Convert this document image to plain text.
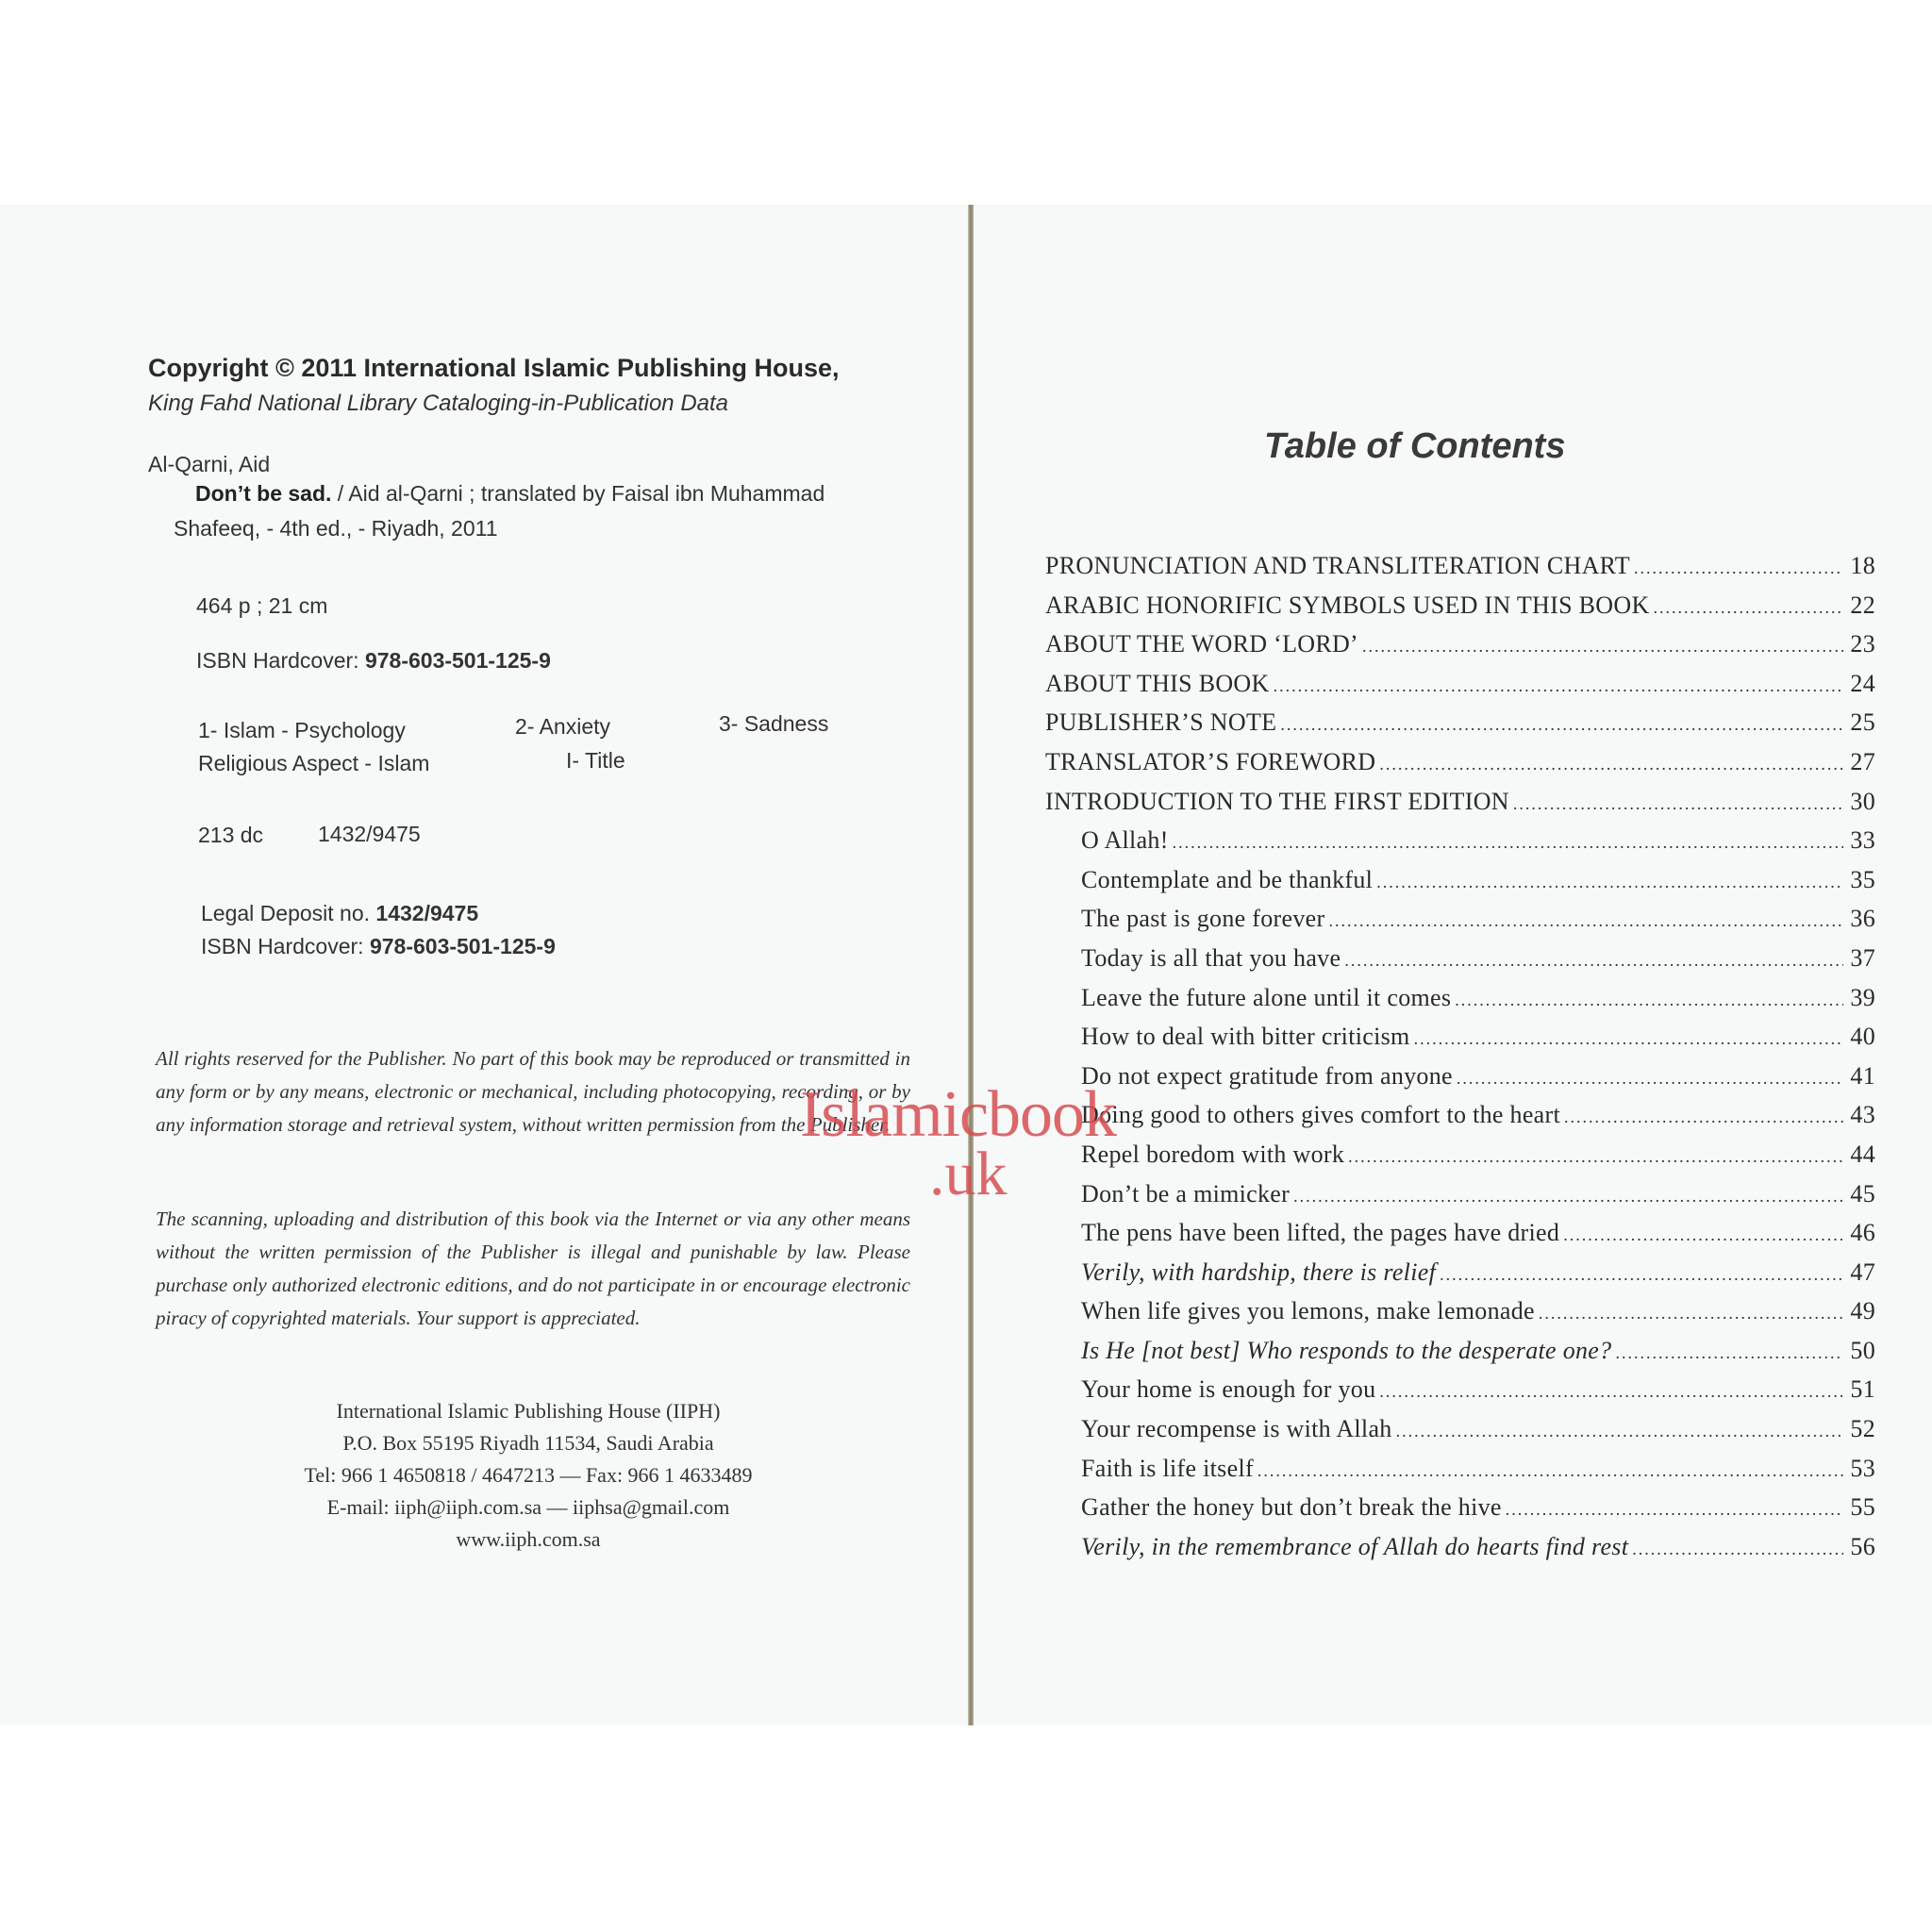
Copyright © 2011 International Islamic Publishing House,
King Fahd National Library Cataloging-in-Publication Data
Al-Qarni, Aid
Don’t be sad. / Aid al-Qarni ; translated by Faisal ibn Muhammad
Shafeeq, - 4th ed., - Riyadh, 2011
464 p ; 21 cm
ISBN Hardcover: 978-603-501-125-9
1- Islam - Psychology	2- Anxiety	3- Sadness
Religious Aspect - Islam	I- Title
213 dc	1432/9475
Legal Deposit no. 1432/9475
ISBN Hardcover: 978-603-501-125-9
All rights reserved for the Publisher. No part of this book may be reproduced or transmitted in any form or by any means, electronic or mechanical, including photocopying, recording, or by any information storage and retrieval system, without written permission from the Publisher.
The scanning, uploading and distribution of this book via the Internet or via any other means without the written permission of the Publisher is illegal and punishable by law. Please purchase only authorized electronic editions, and do not participate in or encourage electronic piracy of copyrighted materials. Your support is appreciated.
International Islamic Publishing House (IIPH)
P.O. Box 55195 Riyadh 11534, Saudi Arabia
Tel: 966 1 4650818 / 4647213 — Fax: 966 1 4633489
E-mail: iiph@iiph.com.sa — iiphsa@gmail.com
www.iiph.com.sa
Table of Contents
PRONUNCIATION AND TRANSLITERATION CHART .....	18
ARABIC HONORIFIC SYMBOLS USED IN THIS BOOK .....	22
ABOUT THE WORD ‘LORD’ .....	23
ABOUT THIS BOOK .....	24
PUBLISHER’S NOTE .....	25
TRANSLATOR’S FOREWORD .....	27
INTRODUCTION TO THE FIRST EDITION .....	30
O Allah! .....	33
Contemplate and be thankful .....	35
The past is gone forever .....	36
Today is all that you have .....	37
Leave the future alone until it comes .....	39
How to deal with bitter criticism .....	40
Do not expect gratitude from anyone .....	41
Doing good to others gives comfort to the heart .....	43
Repel boredom with work .....	44
Don’t be a mimicker .....	45
The pens have been lifted, the pages have dried .....	46
Verily, with hardship, there is relief .....	47
When life gives you lemons, make lemonade .....	49
Is He [not best] Who responds to the desperate one? .....	50
Your home is enough for you .....	51
Your recompense is with Allah .....	52
Faith is life itself .....	53
Gather the honey but don’t break the hive .....	55
Verily, in the remembrance of Allah do hearts find rest .....	56
Islamicbook
.uk
